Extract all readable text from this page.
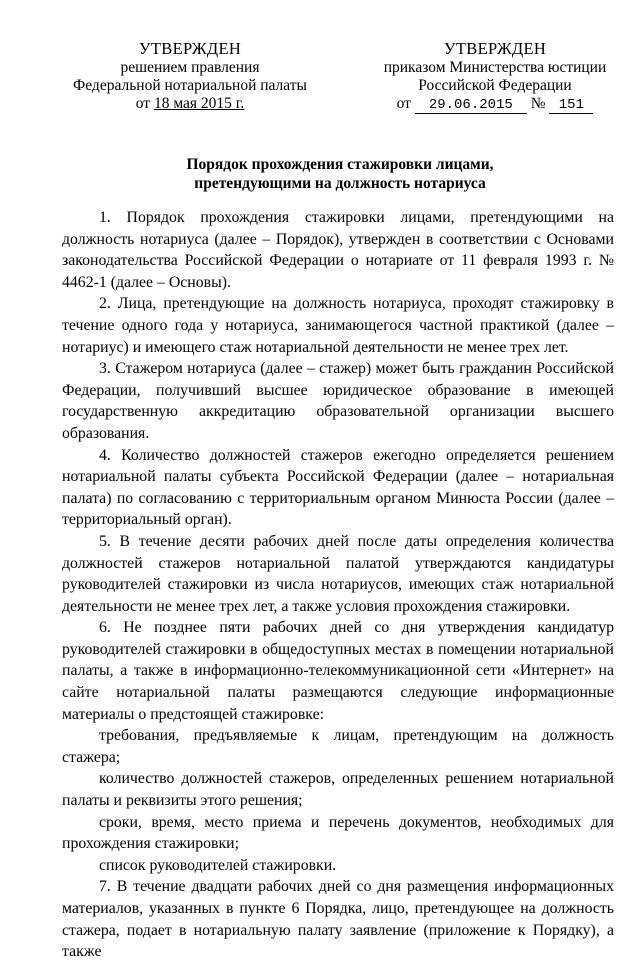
УТВЕРЖДЕН
решением правления
Федеральной нотариальной палаты
от 18 мая 2015 г.
УТВЕРЖДЕН
приказом Министерства юстиции
Российской Федерации
от 29.06.2015 № 151
Порядок прохождения стажировки лицами,
претендующими на должность нотариуса

1. Порядок прохождения стажировки лицами, претендующими на должность нотариуса (далее – Порядок), утвержден в соответствии с Основами законодательства Российской Федерации о нотариате от 11 февраля 1993 г. № 4462-1 (далее – Основы).

2. Лица, претендующие на должность нотариуса, проходят стажировку в течение одного года у нотариуса, занимающегося частной практикой (далее – нотариус) и имеющего стаж нотариальной деятельности не менее трех лет.

3. Стажером нотариуса (далее – стажер) может быть гражданин Российской Федерации, получивший высшее юридическое образование в имеющей государственную аккредитацию образовательной организации высшего образования.

4. Количество должностей стажеров ежегодно определяется решением нотариальной палаты субъекта Российской Федерации (далее – нотариальная палата) по согласованию с территориальным органом Минюста России (далее – территориальный орган).

5. В течение десяти рабочих дней после даты определения количества должностей стажеров нотариальной палатой утверждаются кандидатуры руководителей стажировки из числа нотариусов, имеющих стаж нотариальной деятельности не менее трех лет, а также условия прохождения стажировки.

6. Не позднее пяти рабочих дней со дня утверждения кандидатур руководителей стажировки в общедоступных местах в помещении нотариальной палаты, а также в информационно-телекоммуникационной сети «Интернет» на сайте нотариальной палаты размещаются следующие информационные материалы о предстоящей стажировке:

требования, предъявляемые к лицам, претендующим на должность стажера;

количество должностей стажеров, определенных решением нотариальной палаты и реквизиты этого решения;

сроки, время, место приема и перечень документов, необходимых для прохождения стажировки;

список руководителей стажировки.

7. В течение двадцати рабочих дней со дня размещения информационных материалов, указанных в пункте 6 Порядка, лицо, претендующее на должность стажера, подает в нотариальную палату заявление (приложение к Порядку), а также
